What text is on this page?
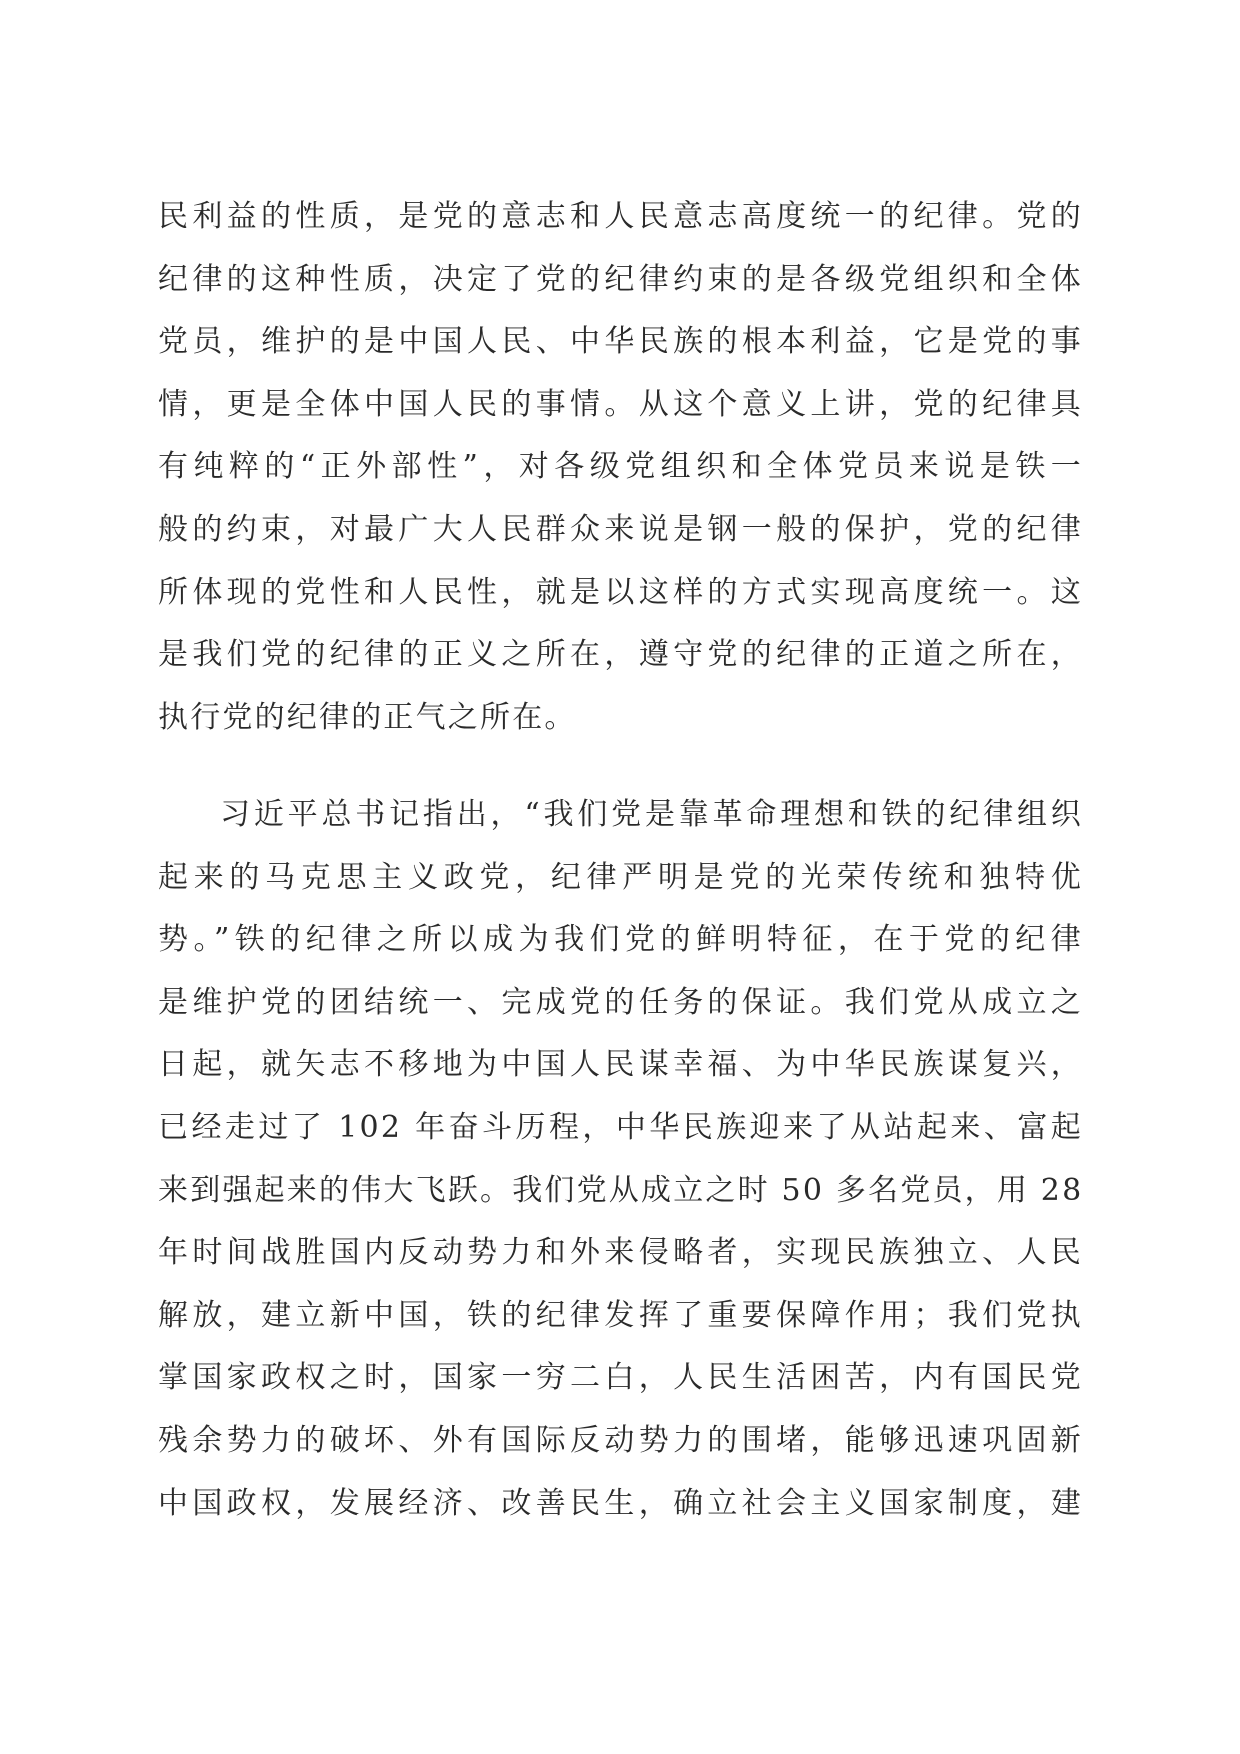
民利益的性质，是党的意志和人民意志高度统一的纪律。党的
纪律的这种性质，决定了党的纪律约束的是各级党组织和全体
党员，维护的是中国人民、中华民族的根本利益，它是党的事
情，更是全体中国人民的事情。从这个意义上讲，党的纪律具
有纯粹的“正外部性”，对各级党组织和全体党员来说是铁一
般的约束，对最广大人民群众来说是钢一般的保护，党的纪律
所体现的党性和人民性，就是以这样的方式实现高度统一。这
是我们党的纪律的正义之所在，遵守党的纪律的正道之所在，
执行党的纪律的正气之所在。
习近平总书记指出，“我们党是靠革命理想和铁的纪律组织
起来的马克思主义政党，纪律严明是党的光荣传统和独特优
势。”铁的纪律之所以成为我们党的鲜明特征，在于党的纪律
是维护党的团结统一、完成党的任务的保证。我们党从成立之
日起，就矢志不移地为中国人民谋幸福、为中华民族谋复兴，
已经走过了 102 年奋斗历程，中华民族迎来了从站起来、富起
来到强起来的伟大飞跃。我们党从成立之时 50 多名党员，用 28
年时间战胜国内反动势力和外来侵略者，实现民族独立、人民
解放，建立新中国，铁的纪律发挥了重要保障作用；我们党执
掌国家政权之时，国家一穷二白，人民生活困苦，内有国民党
残余势力的破坏、外有国际反动势力的围堵，能够迅速巩固新
中国政权，发展经济、改善民生，确立社会主义国家制度，建
